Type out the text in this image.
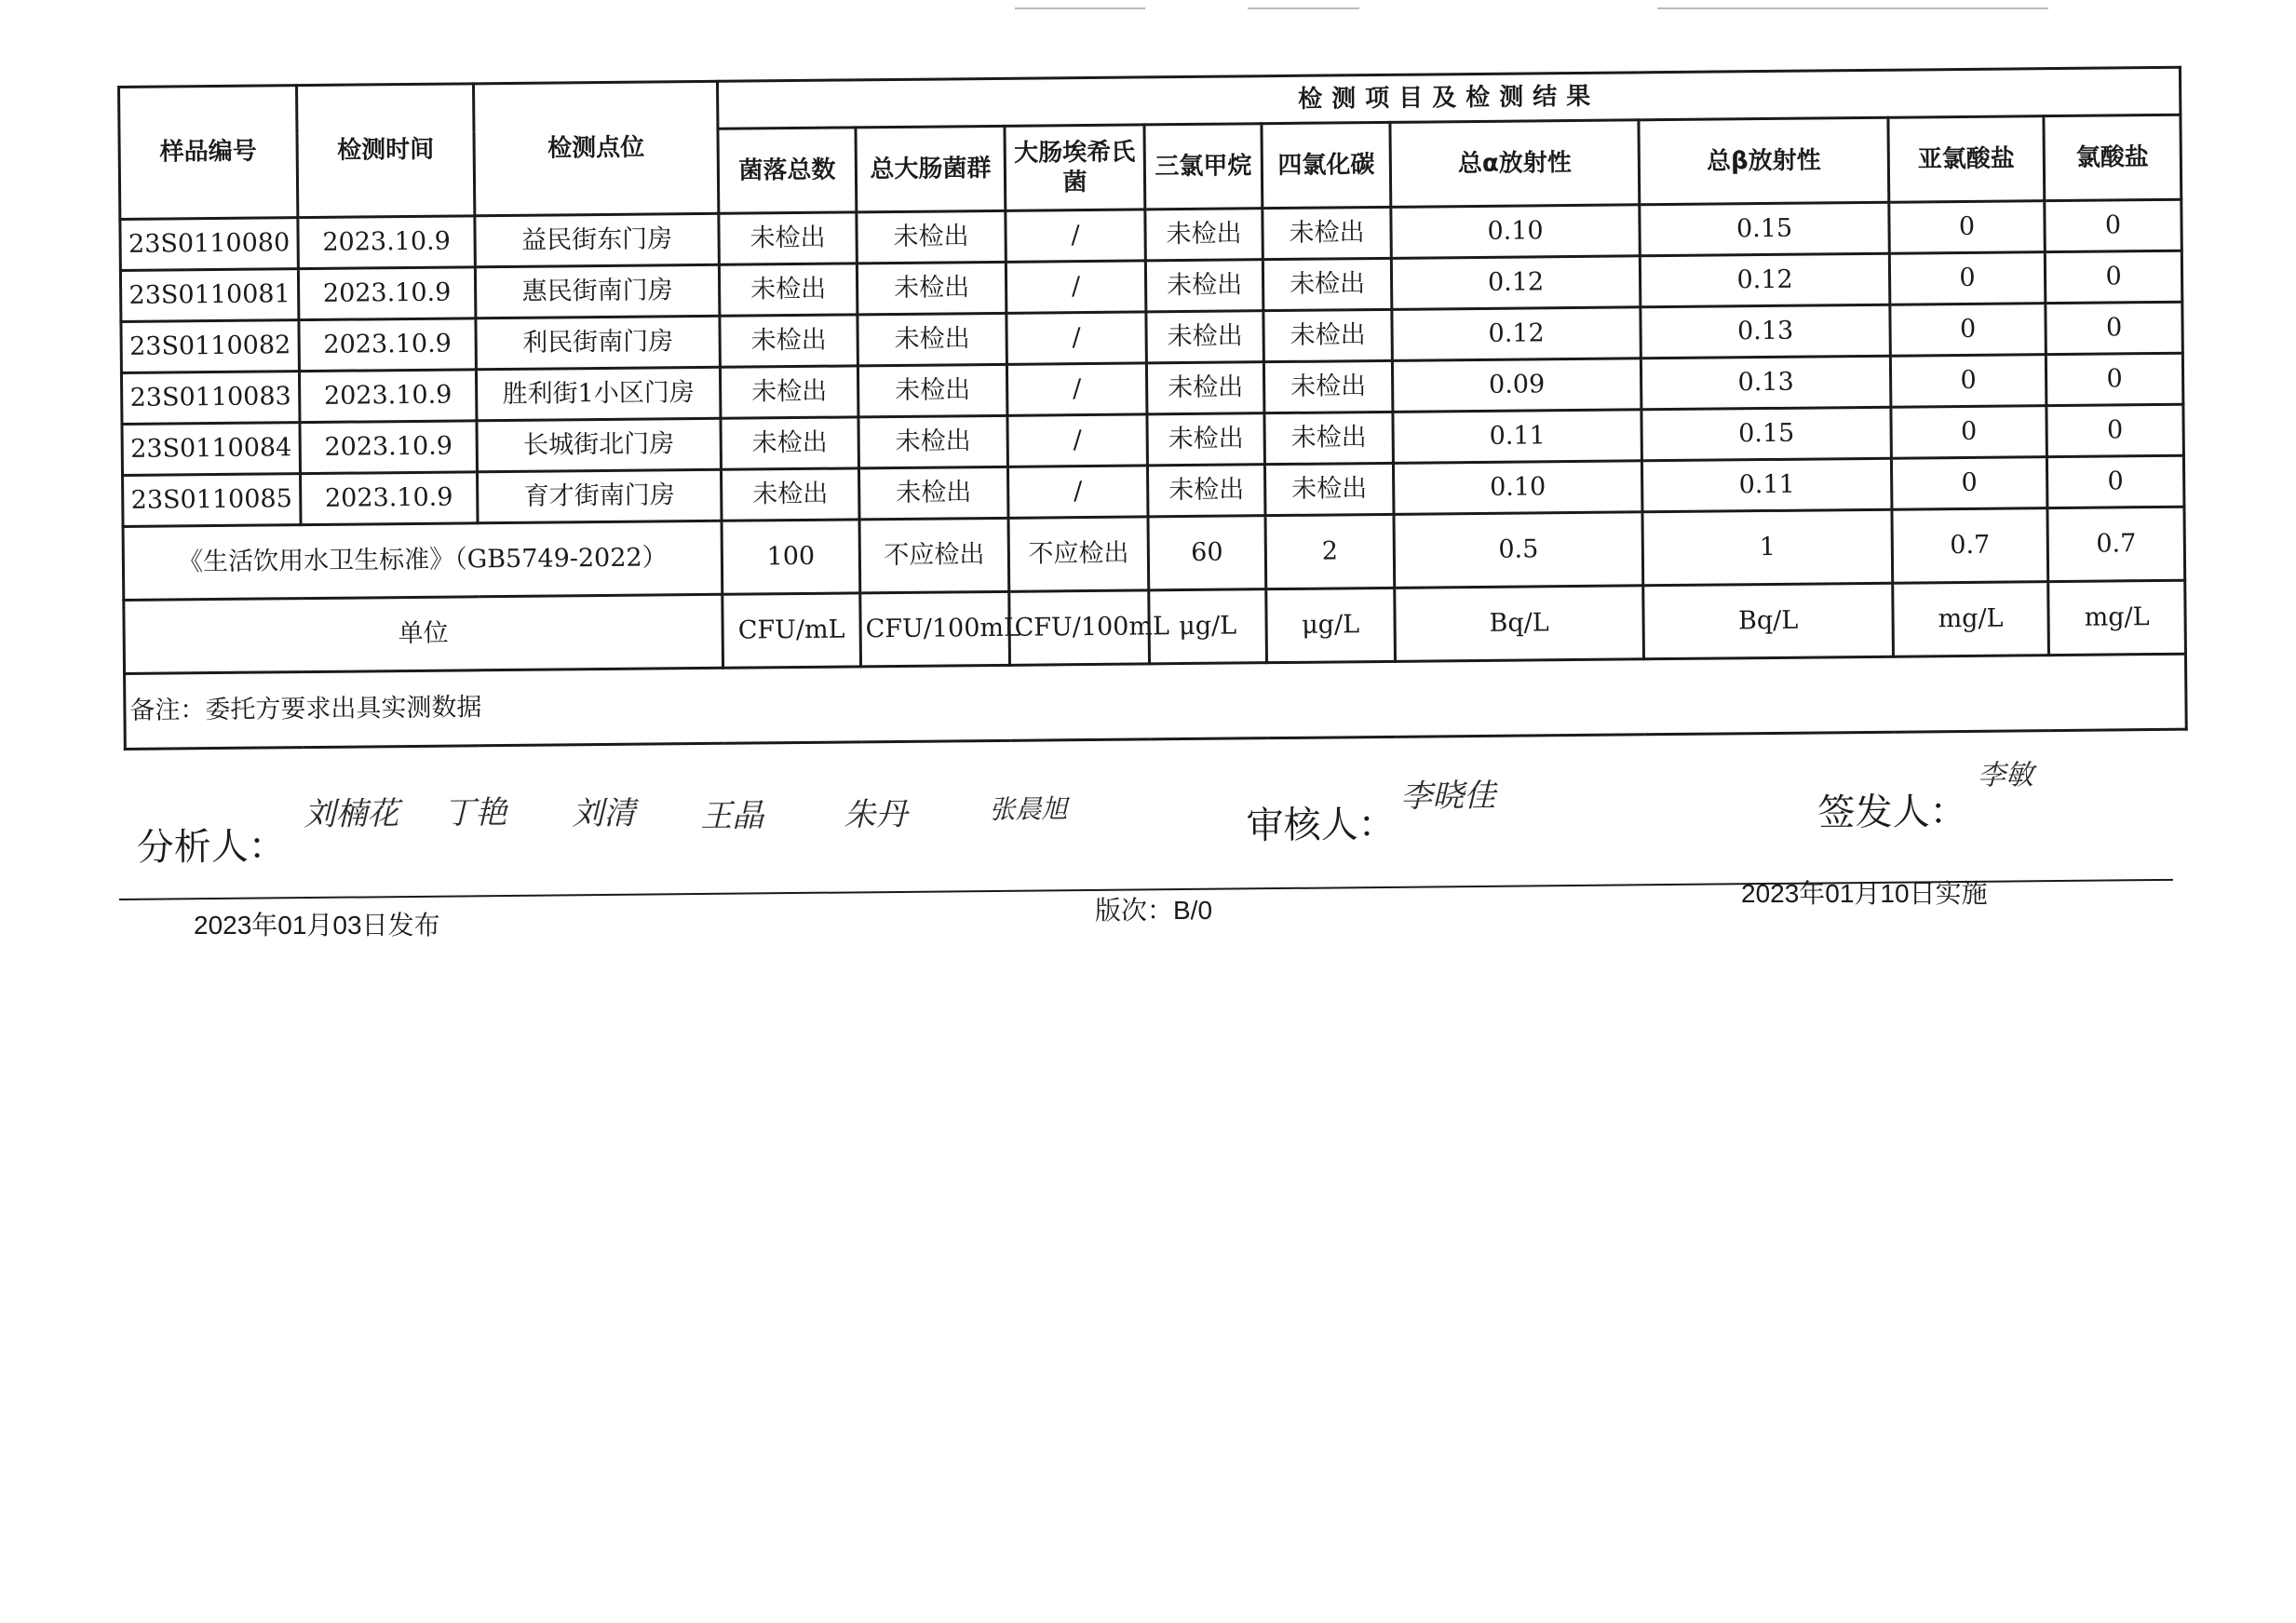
样品编号	检测时间	检测点位	检测项目及检测结果								
			菌落总数	总大肠菌群	大肠埃希氏菌	三氯甲烷	四氯化碳	总α放射性	总β放射性	亚氯酸盐	氯酸盐
23S0110080	2023.10.9	益民街东门房	未检出	未检出	/	未检出	未检出	0.10	0.15	0	0
23S0110081	2023.10.9	惠民街南门房	未检出	未检出	/	未检出	未检出	0.12	0.12	0	0
23S0110082	2023.10.9	利民街南门房	未检出	未检出	/	未检出	未检出	0.12	0.13	0	0
23S0110083	2023.10.9	胜利街1小区门房	未检出	未检出	/	未检出	未检出	0.09	0.13	0	0
23S0110084	2023.10.9	长城街北门房	未检出	未检出	/	未检出	未检出	0.11	0.15	0	0
23S0110085	2023.10.9	育才街南门房	未检出	未检出	/	未检出	未检出	0.10	0.11	0	0
《生活饮用水卫生标准》（GB5749-2022）			100	不应检出	不应检出	60	2	0.5	1	0.7	0.7
单位			CFU/mL	CFU/100mL	CFU/100mL	μg/L	μg/L	Bq/L	Bq/L	mg/L	mg/L
备注：委托方要求出具实测数据											
分析人：
刘楠花 丁艳 刘清 王晶	朱丹	张晨旭	审核人：
李晓佳	签发人：
李敏
2023年01月03日发布
版次：B/0
2023年01月10日实施
